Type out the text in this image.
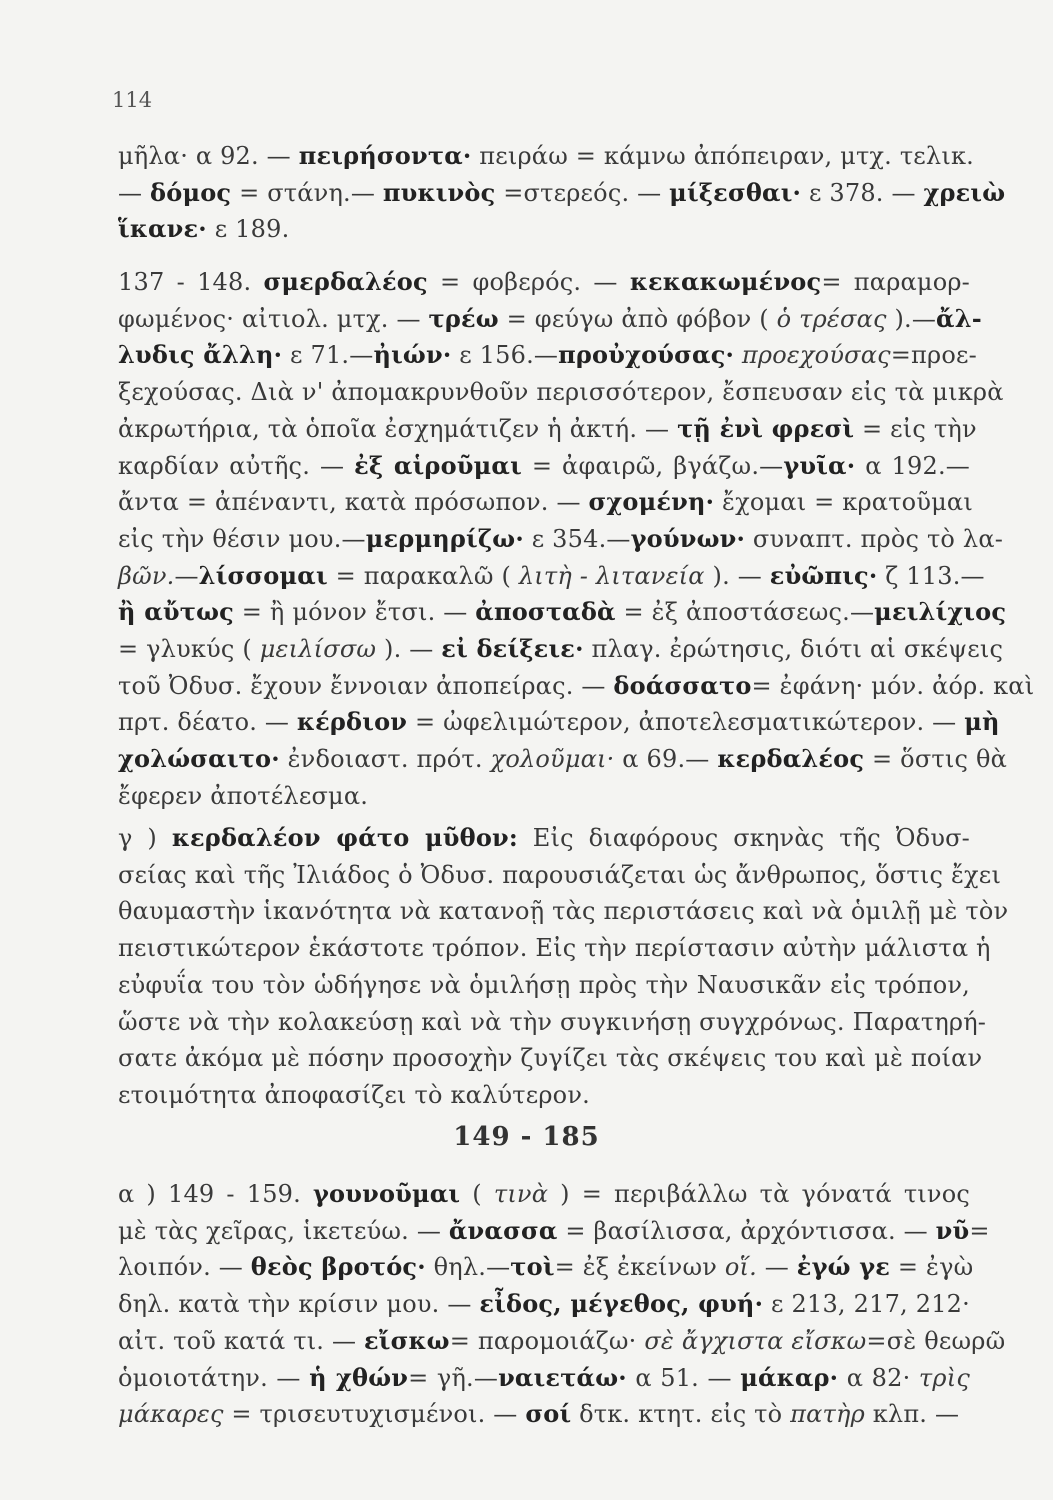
114
μῆλα· α 92. — πειρήσοντα· πειράω = κάμνω ἀπόπειραν, μτχ. τελικ.
— δόμος = στάνη.— πυκινὸς =στερεός. — μίξεσθαι· ε 378. — χρειὼ
ἵκανε· ε 189.
137 - 148. σμερδαλέος = φοβερός. — κεκακωμένος= παραμορ-
φωμένος· αἰτιολ. μτχ. — τρέω = φεύγω ἀπὸ φόβον ( ὁ τρέσας ).—ἄλ-
λυδις ἄλλη· ε 71.—ἠιών· ε 156.—προὐχούσας· προεχούσας=προε-
ξεχούσας. Διὰ ν' ἀπομακρυνθοῦν περισσότερον, ἔσπευσαν εἰς τὰ μικρὰ
ἀκρωτήρια, τὰ ὁποῖα ἐσχημάτιζεν ἡ ἀκτή. — τῇ ἐνὶ φρεσὶ = εἰς τὴν
καρδίαν αὐτῆς. — ἐξ αἱροῦμαι = ἀφαιρῶ, βγάζω.—γυῖα· α 192.—
ἄντα = ἀπέναντι, κατὰ πρόσωπον. — σχομένη· ἔχομαι = κρατοῦμαι
εἰς τὴν θέσιν μου.—μερμηρίζω· ε 354.—γούνων· συναπτ. πρὸς τὸ λα-
βῶν.—λίσσομαι = παρακαλῶ ( λιτὴ - λιτανεία ). — εὐῶπις· ζ 113.—
ἢ αὔτως = ἢ μόνον ἔτσι. — ἀποσταδὰ = ἐξ ἀποστάσεως.—μειλίχιος
= γλυκύς ( μειλίσσω ). — εἰ δείξειε· πλαγ. ἐρώτησις, διότι αἱ σκέψεις
τοῦ Ὀδυσ. ἔχουν ἔννοιαν ἀποπείρας. — δοάσσατο= ἐφάνη· μόν. ἀόρ. καὶ
πρτ. δέατο. — κέρδιον = ὠφελιμώτερον, ἀποτελεσματικώτερον. — μὴ
χολώσαιτο· ἐνδοιαστ. πρότ. χολοῦμαι· α 69.— κερδαλέος = ὅστις θὰ
ἔφερεν ἀποτέλεσμα.
γ ) κερδαλέον φάτο μῦθον: Εἰς διαφόρους σκηνὰς τῆς Ὀδυσ-
σείας καὶ τῆς Ἰλιάδος ὁ Ὀδυσ. παρουσιάζεται ὡς ἄνθρωπος, ὅστις ἔχει
θαυμαστὴν ἱκανότητα νὰ κατανοῇ τὰς περιστάσεις καὶ νὰ ὁμιλῇ μὲ τὸν
πειστικώτερον ἑκάστοτε τρόπον. Εἰς τὴν περίστασιν αὐτὴν μάλιστα ἡ
εὐφυΐα του τὸν ὡδήγησε νὰ ὁμιλήσῃ πρὸς τὴν Ναυσικᾶν εἰς τρόπον,
ὥστε νὰ τὴν κολακεύσῃ καὶ νὰ τὴν συγκινήσῃ συγχρόνως. Παρατηρή-
σατε ἀκόμα μὲ πόσην προσοχὴν ζυγίζει τὰς σκέψεις του καὶ μὲ ποίαν
ετοιμότητα ἀποφασίζει τὸ καλύτερον.
149 - 185
α ) 149 - 159. γουνοῦμαι ( τινὰ ) = περιβάλλω τὰ γόνατά τινος
μὲ τὰς χεῖρας, ἱκετεύω. — ἄνασσα = βασίλισσα, ἀρχόντισσα. — νῦ=
λοιπόν. — θεὸς βροτός· θηλ.—τοὶ= ἐξ ἐκείνων οἵ. — ἐγώ γε = ἐγὼ
δηλ. κατὰ τὴν κρίσιν μου. — εἶδος, μέγεθος, φυή· ε 213, 217, 212·
αἰτ. τοῦ κατά τι. — εἴσκω= παρομοιάζω· σὲ ἄγχιστα εἴσκω=σὲ θεωρῶ
ὁμοιοτάτην. — ἡ χθών= γῆ.—ναιετάω· α 51. — μάκαρ· α 82· τρὶς
μάκαρες = τρισευτυχισμένοι. — σοί δτκ. κτητ. εἰς τὸ πατὴρ κλπ. —
